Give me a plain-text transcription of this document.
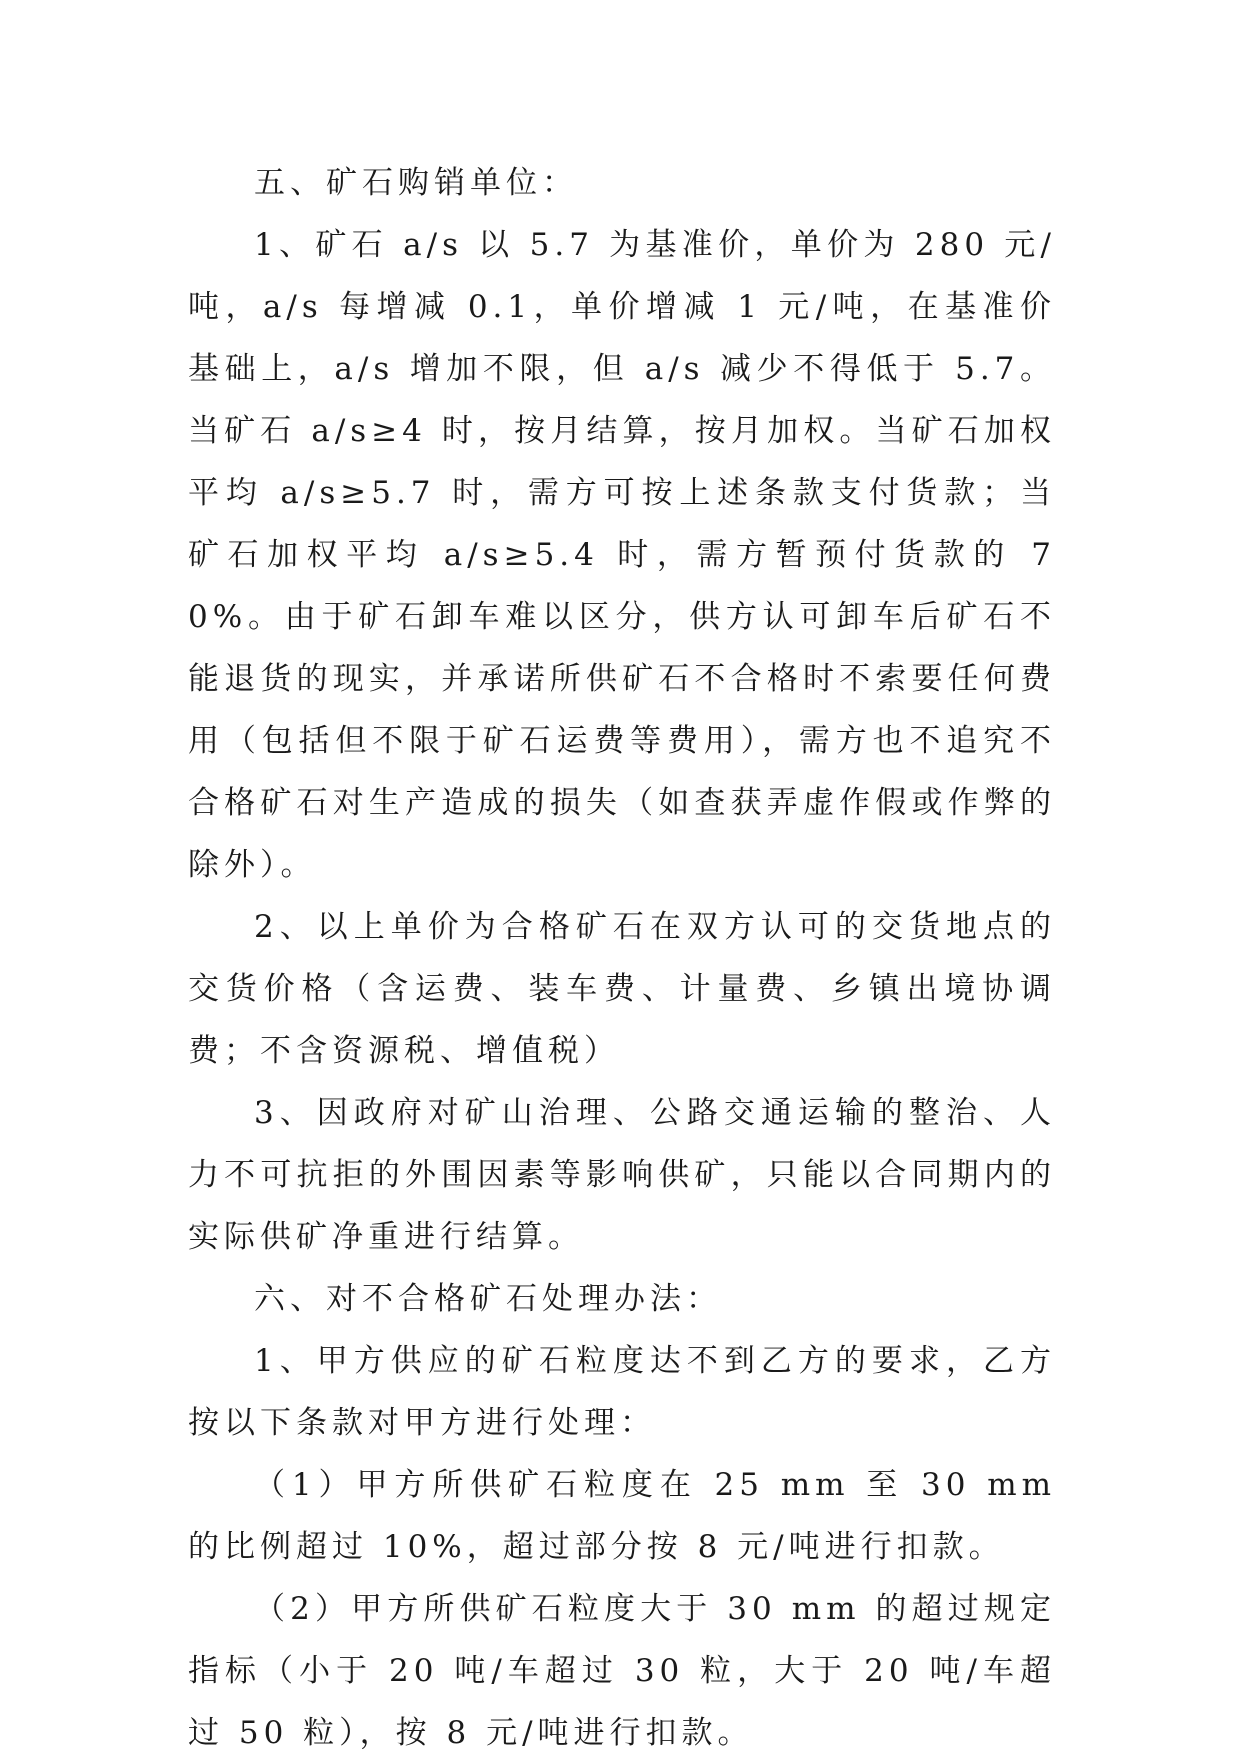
五、矿石购销单位：

1、矿石 a/s 以 5.7 为基准价，单价为 280 元/吨，a/s 每增减 0.1，单价增减 1 元/吨，在基准价基础上，a/s 增加不限，但 a/s 减少不得低于 5.7。当矿石 a/s≥4 时，按月结算，按月加权。当矿石加权平均 a/s≥5.7 时，需方可按上述条款支付货款；当矿石加权平均 a/s≥5.4 时，需方暂预付货款的 70%。由于矿石卸车难以区分，供方认可卸车后矿石不能退货的现实，并承诺所供矿石不合格时不索要任何费用（包括但不限于矿石运费等费用），需方也不追究不合格矿石对生产造成的损失（如查获弄虚作假或作弊的除外）。

2、以上单价为合格矿石在双方认可的交货地点的交货价格（含运费、装车费、计量费、乡镇出境协调费；不含资源税、增值税）

3、因政府对矿山治理、公路交通运输的整治、人力不可抗拒的外围因素等影响供矿，只能以合同期内的实际供矿净重进行结算。

六、对不合格矿石处理办法：

1、甲方供应的矿石粒度达不到乙方的要求，乙方按以下条款对甲方进行处理：

（1）甲方所供矿石粒度在 25 mm 至 30 mm 的比例超过 10%，超过部分按 8 元/吨进行扣款。

（2）甲方所供矿石粒度大于 30 mm 的超过规定指标（小于 20 吨/车超过 30 粒，大于 20 吨/车超过 50 粒），按 8 元/吨进行扣款。
